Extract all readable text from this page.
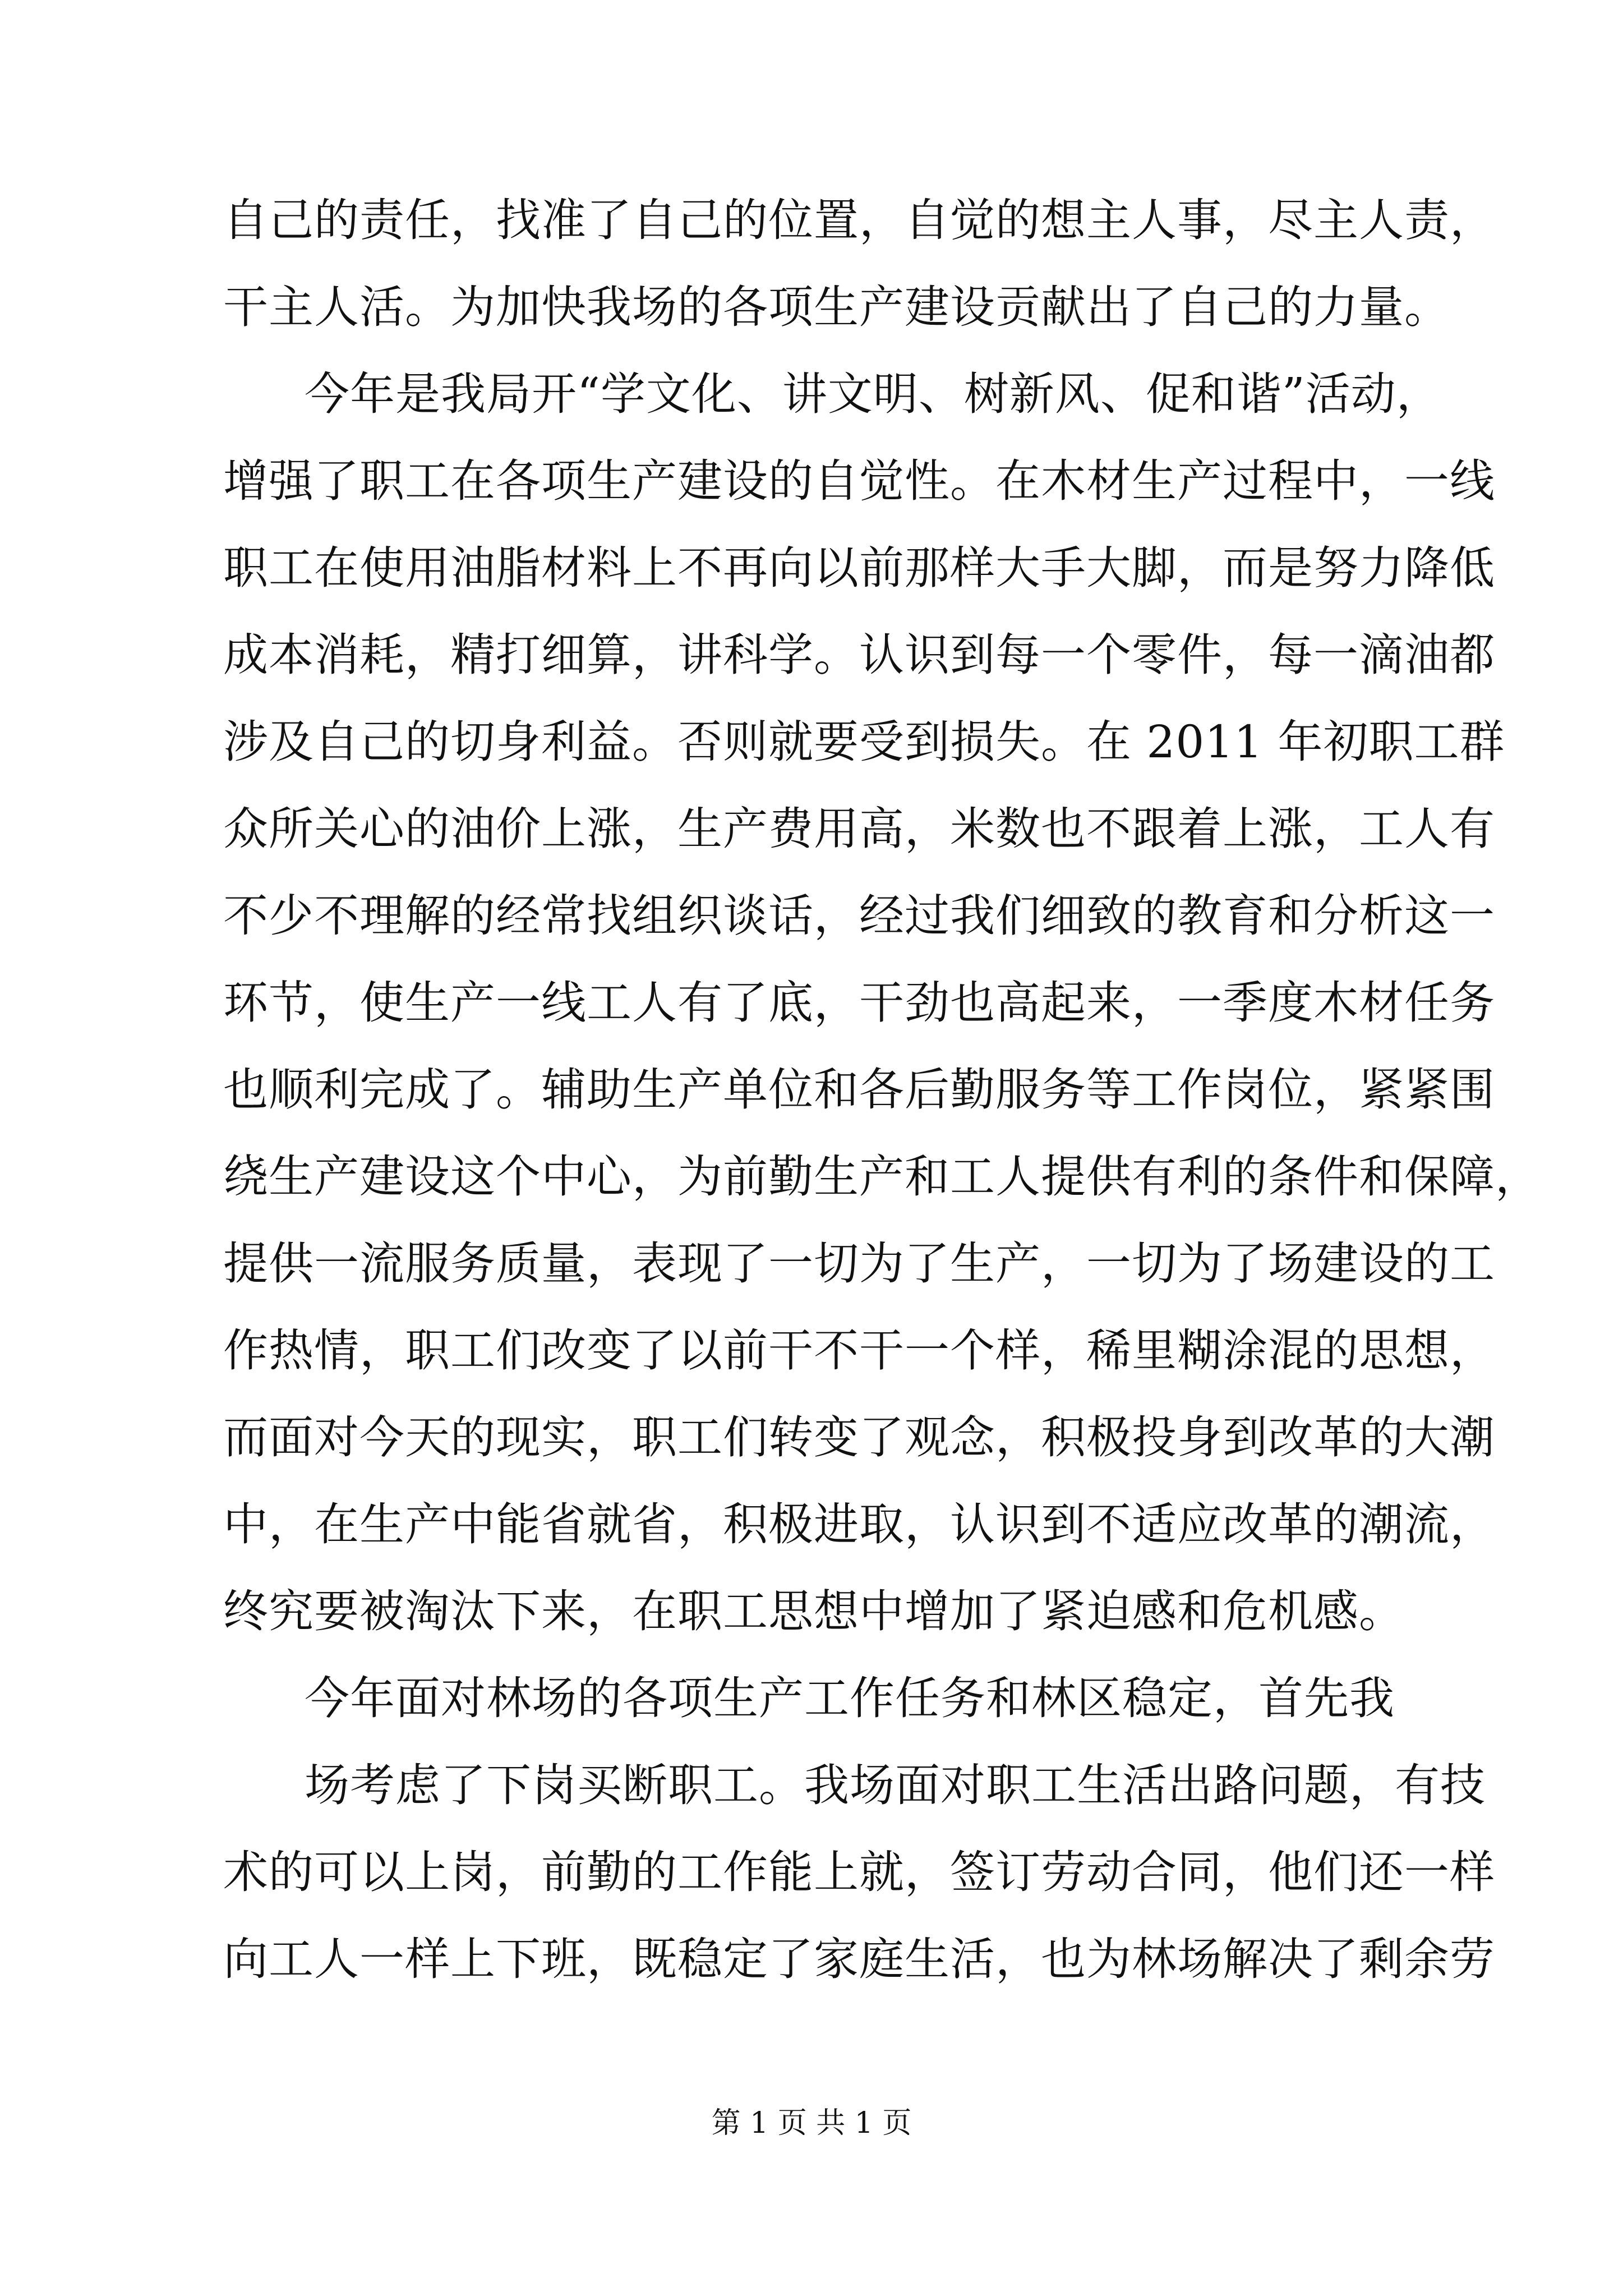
自己的责任，找准了自己的位置，自觉的想主人事，尽主人责，

干主人活。为加快我场的各项生产建设贡献出了自己的力量。

今年是我局开“学文化、讲文明、树新风、促和谐”活动，

增强了职工在各项生产建设的自觉性。在木材生产过程中，一线

职工在使用油脂材料上不再向以前那样大手大脚，而是努力降低

成本消耗，精打细算，讲科学。认识到每一个零件，每一滴油都

涉及自己的切身利益。否则就要受到损失。在 2011 年初职工群

众所关心的油价上涨，生产费用高，米数也不跟着上涨，工人有

不少不理解的经常找组织谈话，经过我们细致的教育和分析这一

环节，使生产一线工人有了底，干劲也高起来，一季度木材任务

也顺利完成了。辅助生产单位和各后勤服务等工作岗位，紧紧围

绕生产建设这个中心，为前勤生产和工人提供有利的条件和保障，

提供一流服务质量，表现了一切为了生产，一切为了场建设的工

作热情，职工们改变了以前干不干一个样，稀里糊涂混的思想，

而面对今天的现实，职工们转变了观念，积极投身到改革的大潮

中，在生产中能省就省，积极进取，认识到不适应改革的潮流，

终究要被淘汰下来，在职工思想中增加了紧迫感和危机感。

今年面对林场的各项生产工作任务和林区稳定，首先我

场考虑了下岗买断职工。我场面对职工生活出路问题，有技

术的可以上岗，前勤的工作能上就，签订劳动合同，他们还一样

向工人一样上下班，既稳定了家庭生活，也为林场解决了剩余劳

第 1 页 共 1 页
